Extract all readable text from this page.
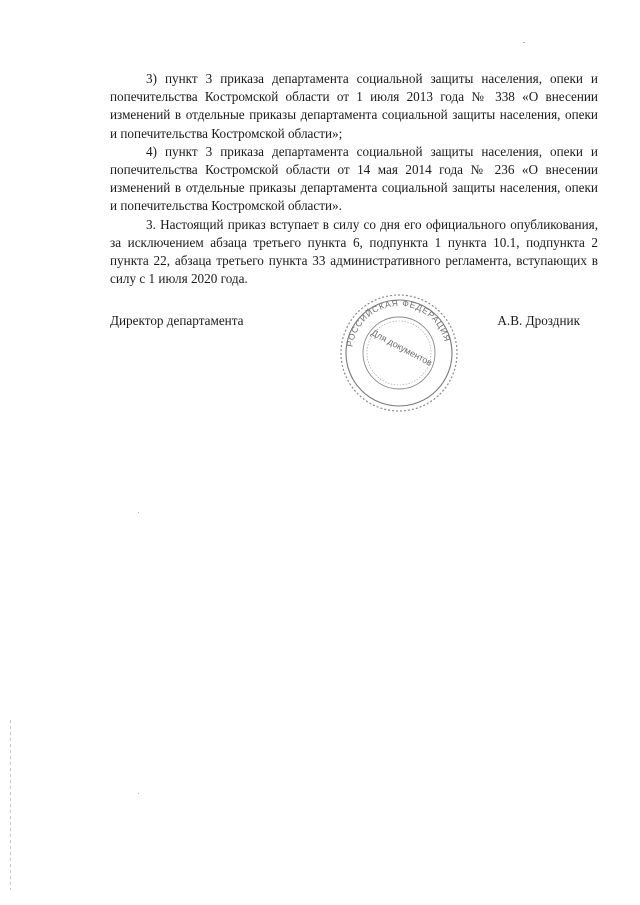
3) пункт 3 приказа департамента социальной защиты населения, опеки и попечительства Костромской области от 1 июля 2013 года № 338 «О внесении изменений в отдельные приказы департамента социальной защиты населения, опеки и попечительства Костромской области»;

4) пункт 3 приказа департамента социальной защиты населения, опеки и попечительства Костромской области от 14 мая 2014 года № 236 «О внесении изменений в отдельные приказы департамента социальной защиты населения, опеки и попечительства Костромской области».

3. Настоящий приказ вступает в силу со дня его официального опубликования, за исключением абзаца третьего пункта 6, подпункта 1 пункта 10.1, подпункта 2 пункта 22, абзаца третьего пункта 33 административного регламента, вступающих в силу с 1 июля 2020 года.

Директор департамента	А.В. Дроздник
РОССИЙСКАЯ ФЕДЕРАЦИЯ
Для документов
